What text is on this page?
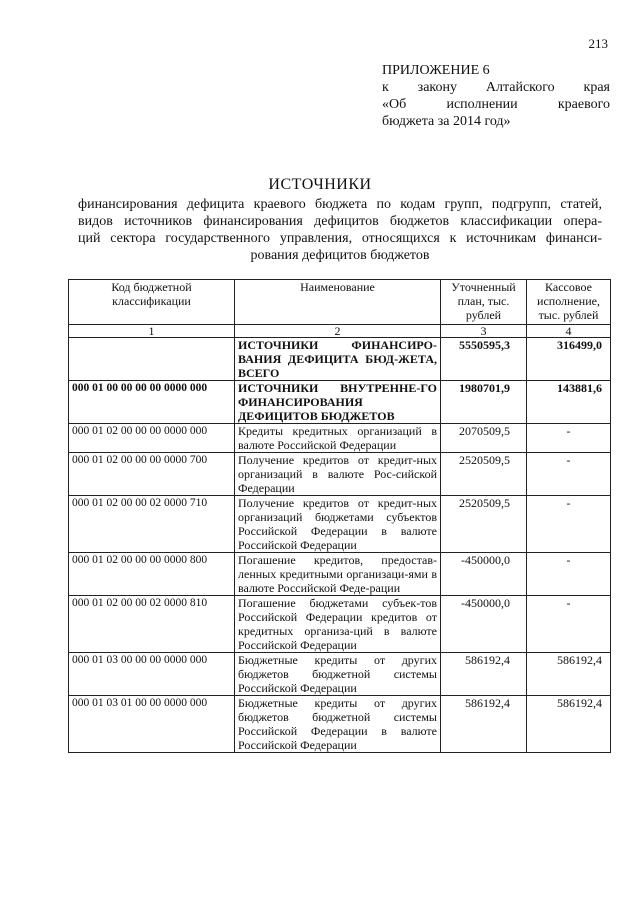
213
ПРИЛОЖЕНИЕ 6
к закону Алтайского края
«Об исполнении краевого
бюджета за 2014 год»
ИСТОЧНИКИ
финансирования дефицита краевого бюджета по кодам групп, подгрупп, статей,
видов источников финансирования дефицитов бюджетов классификации опера-
ций сектора государственного управления, относящихся к источникам финанси-
рования дефицитов бюджетов
Код бюджетной классификации	Наименование	Уточненный план, тыс. рублей	Кассовое исполнение, тыс. рублей
1	2	3	4
	ИСТОЧНИКИ ФИНАНСИРО-ВАНИЯ ДЕФИЦИТА БЮД-ЖЕТА, ВСЕГО	5550595,3	316499,0
000 01 00 00 00 00 0000 000	ИСТОЧНИКИ ВНУТРЕННЕ-ГО ФИНАНСИРОВАНИЯ ДЕФИЦИТОВ БЮДЖЕТОВ	1980701,9	143881,6
000 01 02 00 00 00 0000 000	Кредиты кредитных организаций в валюте Российской Федерации	2070509,5	-
000 01 02 00 00 00 0000 700	Получение кредитов от кредит-ных организаций в валюте Рос-сийской Федерации	2520509,5	-
000 01 02 00 00 02 0000 710	Получение кредитов от кредит-ных организаций бюджетами субъектов Российской Федерации в валюте Российской Федерации	2520509,5	-
000 01 02 00 00 00 0000 800	Погашение кредитов, предостав-ленных кредитными организаци-ями в валюте Российской Феде-рации	-450000,0	-
000 01 02 00 00 02 0000 810	Погашение бюджетами субъек-тов Российской Федерации кредитов от кредитных организа-ций в валюте Российской Федерации	-450000,0	-
000 01 03 00 00 00 0000 000	Бюджетные кредиты от других бюджетов бюджетной системы Российской Федерации	586192,4	586192,4
000 01 03 01 00 00 0000 000	Бюджетные кредиты от других бюджетов бюджетной системы Российской Федерации в валюте Российской Федерации	586192,4	586192,4
